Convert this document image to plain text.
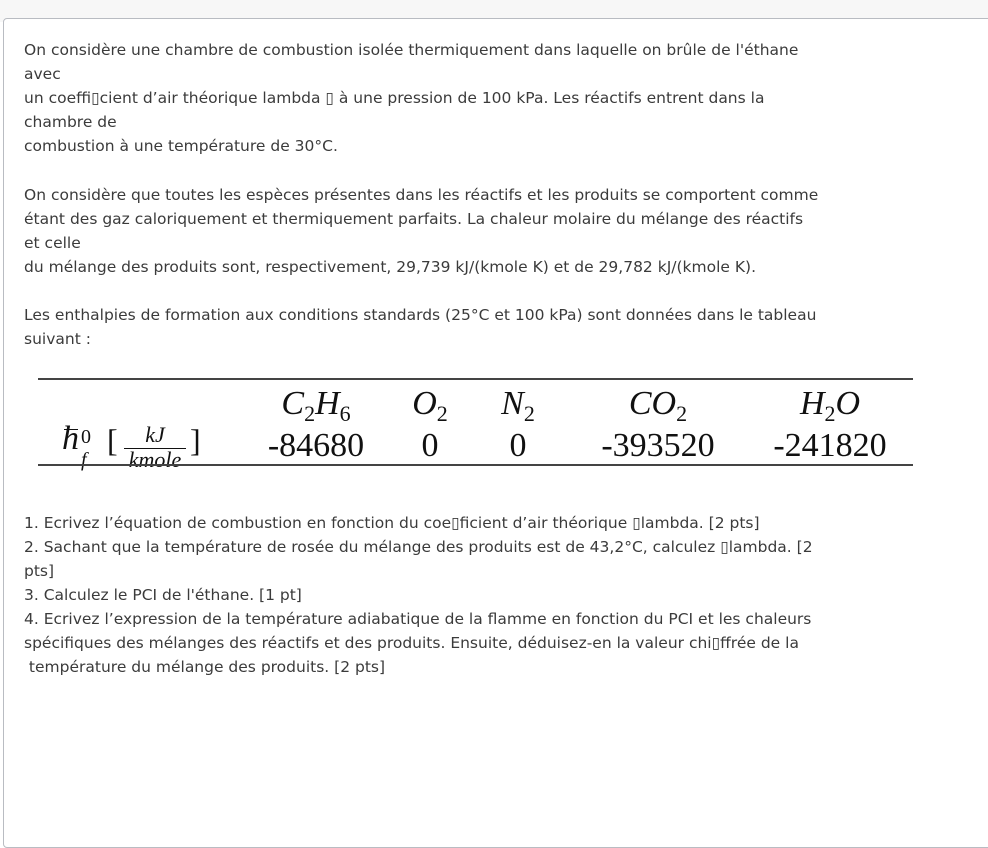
On considère une chambre de combustion isolée thermiquement dans laquelle on brûle de l'éthane

avec

un coeffi▯cient d’air théorique lambda ▯ à une pression de 100 kPa. Les réactifs entrent dans la

chambre de

combustion à une température de 30°C.

On considère que toutes les espèces présentes dans les réactifs et les produits se comportent comme

étant des gaz caloriquement et thermiquement parfaits. La chaleur molaire du mélange des réactifs

et celle

du mélange des produits sont, respectivement, 29,739 kJ/(kmole K) et de 29,782 kJ/(kmole K).

Les enthalpies de formation aux conditions standards (25°C et 100 kPa) sont données dans le tableau

suivant :

h 0
f
[	kJ
kmole
]
$C_2H_6$	$O_2$	$N_2$	$CO_2$	$H_2O$
-84680	0	0	-393520	-241820

1. Ecrivez l’équation de combustion en fonction du coe▯ficient d’air théorique ▯lambda. [2 pts]

2. Sachant que la température de rosée du mélange des produits est de 43,2°C, calculez ▯lambda. [2

pts]

3. Calculez le PCI de l'éthane. [1 pt]

4. Ecrivez l’expression de la température adiabatique de la flamme en fonction du PCI et les chaleurs

spécifiques des mélanges des réactifs et des produits. Ensuite, déduisez-en la valeur chi▯ffrée de la

température du mélange des produits. [2 pts]
